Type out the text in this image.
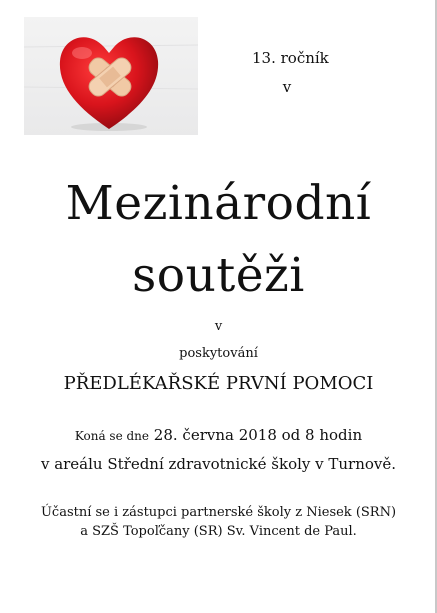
13. ročník
v
Mezinárodní
soutěži
v
poskytování
PŘEDLÉKAŘSKÉ PRVNÍ POMOCI
Koná se dne 28. června 2018 od 8 hodin
v areálu Střední zdravotnické školy v Turnově.
Účastní se i zástupci partnerské školy z Niesek (SRN)
a SZŠ Topoľčany (SR) Sv. Vincent de Paul.
